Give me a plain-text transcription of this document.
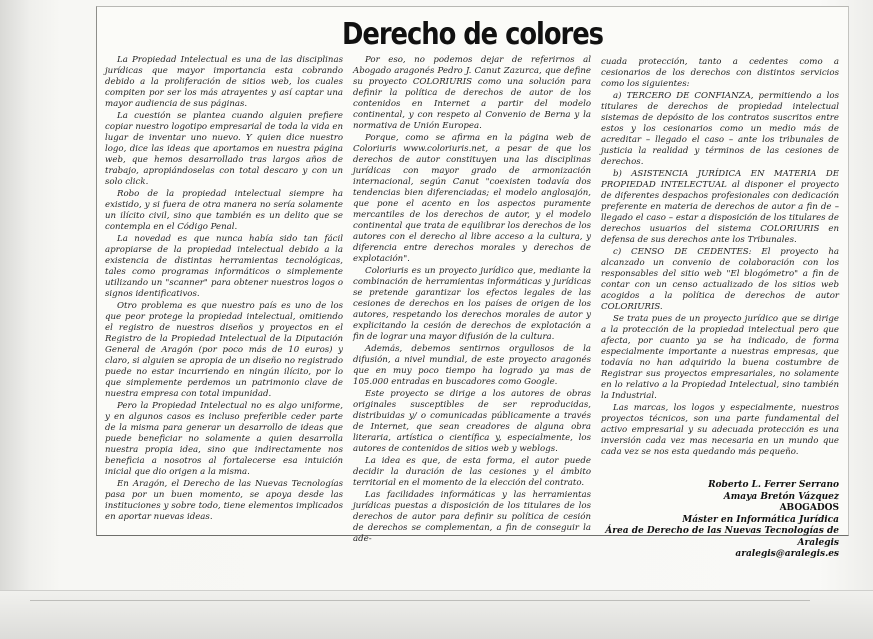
Derecho de colores

La Propiedad Intelectual es una de las disciplinas jurídicas que mayor importancia esta cobrando debido a la proliferación de sitios web, los cuales compiten por ser los más atrayentes y así captar una mayor audiencia de sus páginas.

La cuestión se plantea cuando alguien prefiere copiar nuestro logotipo empresarial de toda la vida en lugar de inventar uno nuevo. Y quien dice nuestro logo, dice las ideas que aportamos en nuestra página web, que hemos desarrollado tras largos años de trabajo, apropiándoselas con total descaro y con un solo click.

Robo de la propiedad intelectual siempre ha existido, y si fuera de otra manera no sería solamente un ilícito civil, sino que también es un delito que se contempla en el Código Penal.

La novedad es que nunca había sido tan fácil apropiarse de la propiedad intelectual debido a la existencia de distintas herramientas tecnológicas, tales como programas informáticos o simplemente utilizando un "scanner" para obtener nuestros logos o signos identificativos.

Otro problema es que nuestro país es uno de los que peor protege la propiedad intelectual, omitiendo el registro de nuestros diseños y proyectos en el Registro de la Propiedad Intelectual de la Diputación General de Aragón (por poco más de 10 euros) y claro, si alguien se apropia de un diseño no registrado puede no estar incurriendo en ningún ilícito, por lo que simplemente perdemos un patrimonio clave de nuestra empresa con total impunidad.

Pero la Propiedad Intelectual no es algo uniforme, y en algunos casos es incluso preferible ceder parte de la misma para generar un desarrollo de ideas que puede beneficiar no solamente a quien desarrolla nuestra propia idea, sino que indirectamente nos beneficia a nosotros al fortalecerse esa intuición inicial que dio origen a la misma.

En Aragón, el Derecho de las Nuevas Tecnologías pasa por un buen momento, se apoya desde las instituciones y sobre todo, tiene elementos implicados en aportar nuevas ideas.

Por eso, no podemos dejar de referirnos al Abogado aragonés Pedro J. Canut Zazurca, que define su proyecto COLORIURIS como una solución para definir la política de derechos de autor de los contenidos en Internet a partir del modelo continental, y con respeto al Convenio de Berna y la normativa de Unión Europea.

Porque, como se afirma en la página web de Coloriuris www.coloriuris.net, a pesar de que los derechos de autor constituyen una las disciplinas jurídicas con mayor grado de armonización internacional, según Canut "coexisten todavía dos tendencias bien diferenciadas; el modelo anglosajón, que pone el acento en los aspectos puramente mercantiles de los derechos de autor, y el modelo continental que trata de equilibrar los derechos de los autores con el derecho al libre acceso a la cultura, y diferencia entre derechos morales y derechos de explotación".

Coloriuris es un proyecto jurídico que, mediante la combinación de herramientas informáticas y jurídicas se pretende garantizar los efectos legales de las cesiones de derechos en los países de origen de los autores, respetando los derechos morales de autor y explicitando la cesión de derechos de explotación a fin de lograr una mayor difusión de la cultura.

Además, debemos sentirnos orgullosos de la difusión, a nivel mundial, de este proyecto aragonés que en muy poco tiempo ha logrado ya mas de 105.000 entradas en buscadores como Google.

Este proyecto se dirige a los autores de obras originales susceptibles de ser reproducidas, distribuidas y/ o comunicadas públicamente a través de Internet, que sean creadores de alguna obra literaria, artística o científica y, especialmente, los autores de contenidos de sitios web y weblogs.

La idea es que, de esta forma, el autor puede decidir la duración de las cesiones y el ámbito territorial en el momento de la elección del contrato.

Las facilidades informáticas y las herramientas jurídicas puestas a disposición de los titulares de los derechos de autor para definir su política de cesión de derechos se complementan, a fin de conseguir la ade-

cuada protección, tanto a cedentes como a cesionarios de los derechos con distintos servicios como los siguientes:

a) TERCERO DE CONFIANZA, permitiendo a los titulares de derechos de propiedad intelectual sistemas de depósito de los contratos suscritos entre estos y los cesionarios como un medio más de acreditar – llegado el caso – ante los tribunales de justicia la realidad y términos de las cesiones de derechos.

b) ASISTENCIA JURÍDICA EN MATERIA DE PROPIEDAD INTELECTUAL al disponer el proyecto de diferentes despachos profesionales con dedicación preferente en materia de derechos de autor a fin de – llegado el caso – estar a disposición de los titulares de derechos usuarios del sistema COLORIURIS en defensa de sus derechos ante los Tribunales.

c) CENSO DE CEDENTES: El proyecto ha alcanzado un convenio de colaboración con los responsables del sitio web "El blogómetro" a fin de contar con un censo actualizado de los sitios web acogidos a la política de derechos de autor COLORIURIS.

Se trata pues de un proyecto jurídico que se dirige a la protección de la propiedad intelectual pero que afecta, por cuanto ya se ha indicado, de forma especialmente importante a nuestras empresas, que todavía no han adquirido la buena costumbre de Registrar sus proyectos empresariales, no solamente en lo relativo a la Propiedad Intelectual, sino también la Industrial.

Las marcas, los logos y especialmente, nuestros proyectos técnicos, son una parte fundamental del activo empresarial y su adecuada protección es una inversión cada vez mas necesaria en un mundo que cada vez se nos esta quedando más pequeño.

Roberto L. Ferrer Serrano
Amaya Bretón Vázquez
ABOGADOS
Máster en Informática Jurídica
Área de Derecho de las Nuevas Tecnologías de
Aralegis
aralegis@aralegis.es
